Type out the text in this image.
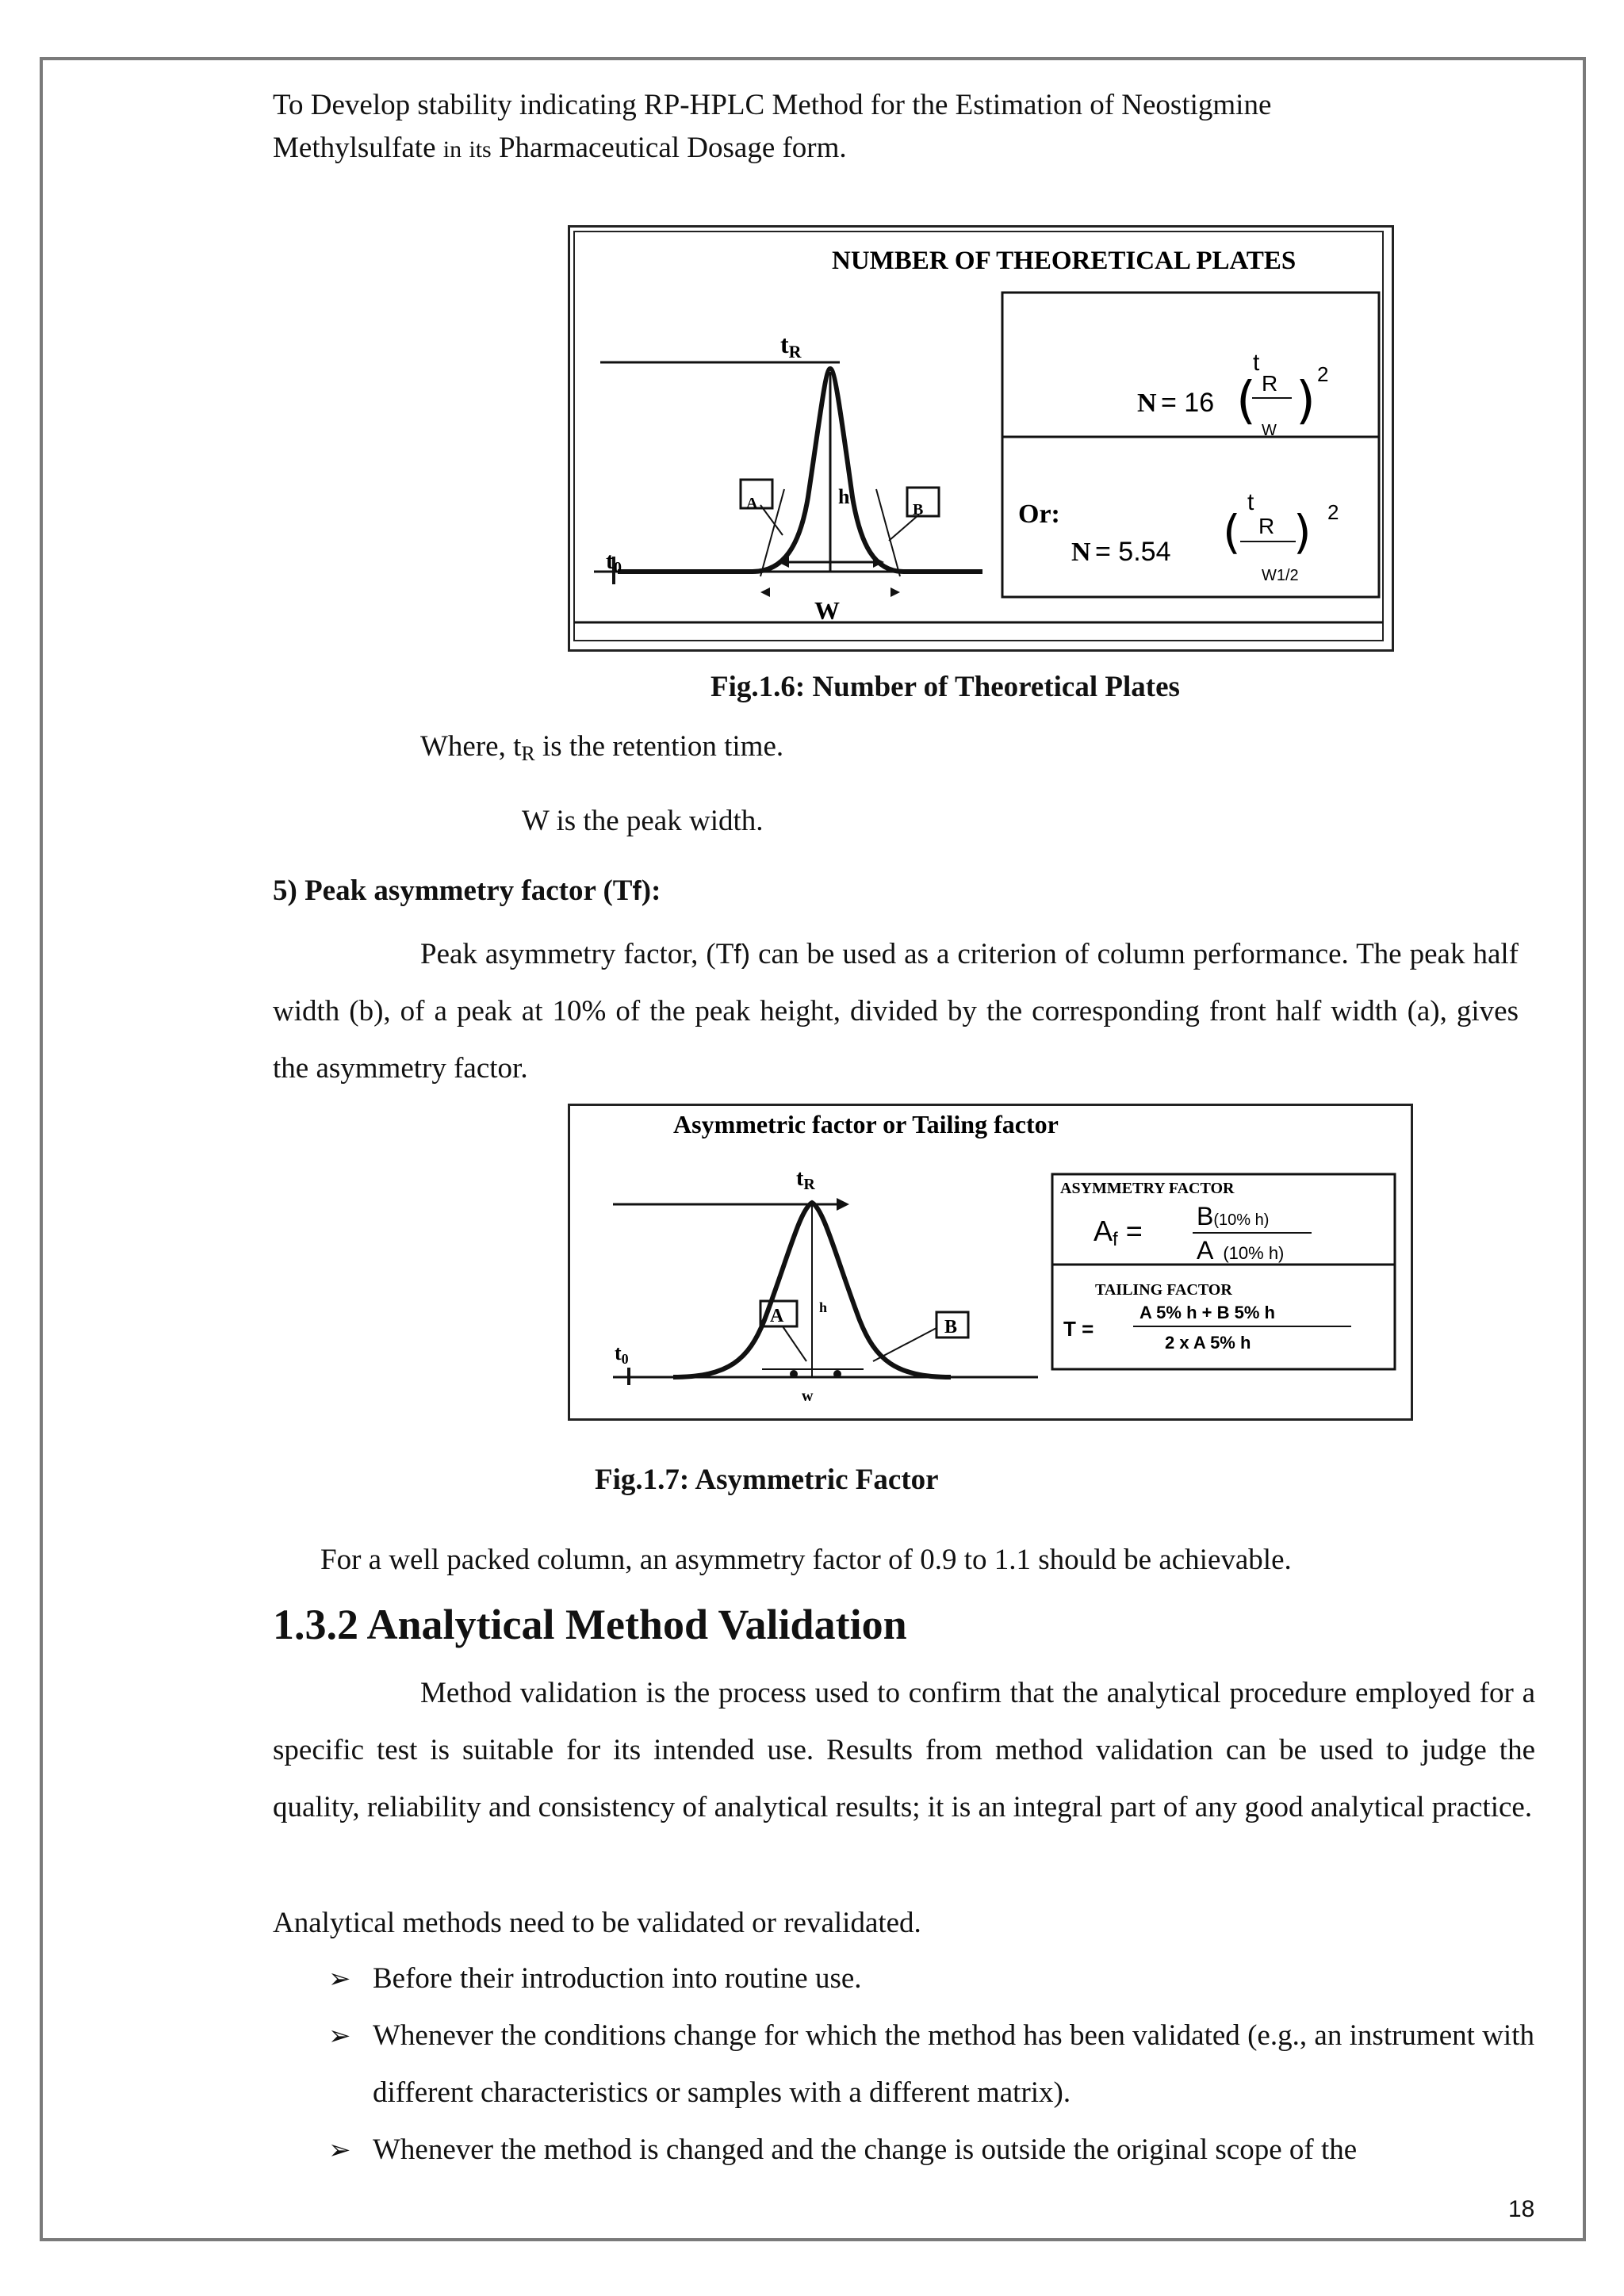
To Develop stability indicating RP-HPLC Method for the Estimation of Neostigmine
Methylsulfate in its Pharmaceutical Dosage form.
NUMBER OF THEORETICAL PLATES
A	B
h
tR
t0
W
N = 16 (
t
R
W ) 2
Or:
N = 5.54 (
t
R
W1/2
) 2
Fig.1.6: Number of Theoretical Plates
Where, $t_R$ is the retention time.
W is the peak width.
5) Peak asymmetry factor (Tf):
Peak asymmetry factor, (Tf) can be used as a criterion of column performance. The peak half width (b), of a peak at 10% of the peak height, divided by the corresponding front half width (a), gives the asymmetry factor.
Asymmetric factor or Tailing factor
ASYMMETRY FACTOR
Af = B(10% h)
A (10% h)
TAILING FACTOR
T =
A 5% h + B 5% h
2 x A 5% h
tR
t0
h
w
A
B
Fig.1.7: Asymmetric Factor
For a well packed column, an asymmetry factor of 0.9 to 1.1 should be achievable.
1.3.2 Analytical Method Validation
Method validation is the process used to confirm that the analytical procedure employed for a specific test is suitable for its intended use. Results from method validation can be used to judge the quality, reliability and consistency of analytical results; it is an integral part of any good analytical practice.
Analytical methods need to be validated or revalidated.
➢ Before their introduction into routine use.
➢ Whenever the conditions change for which the method has been validated (e.g., an instrument with different characteristics or samples with a different matrix).
➢ Whenever the method is changed and the change is outside the original scope of the
18
